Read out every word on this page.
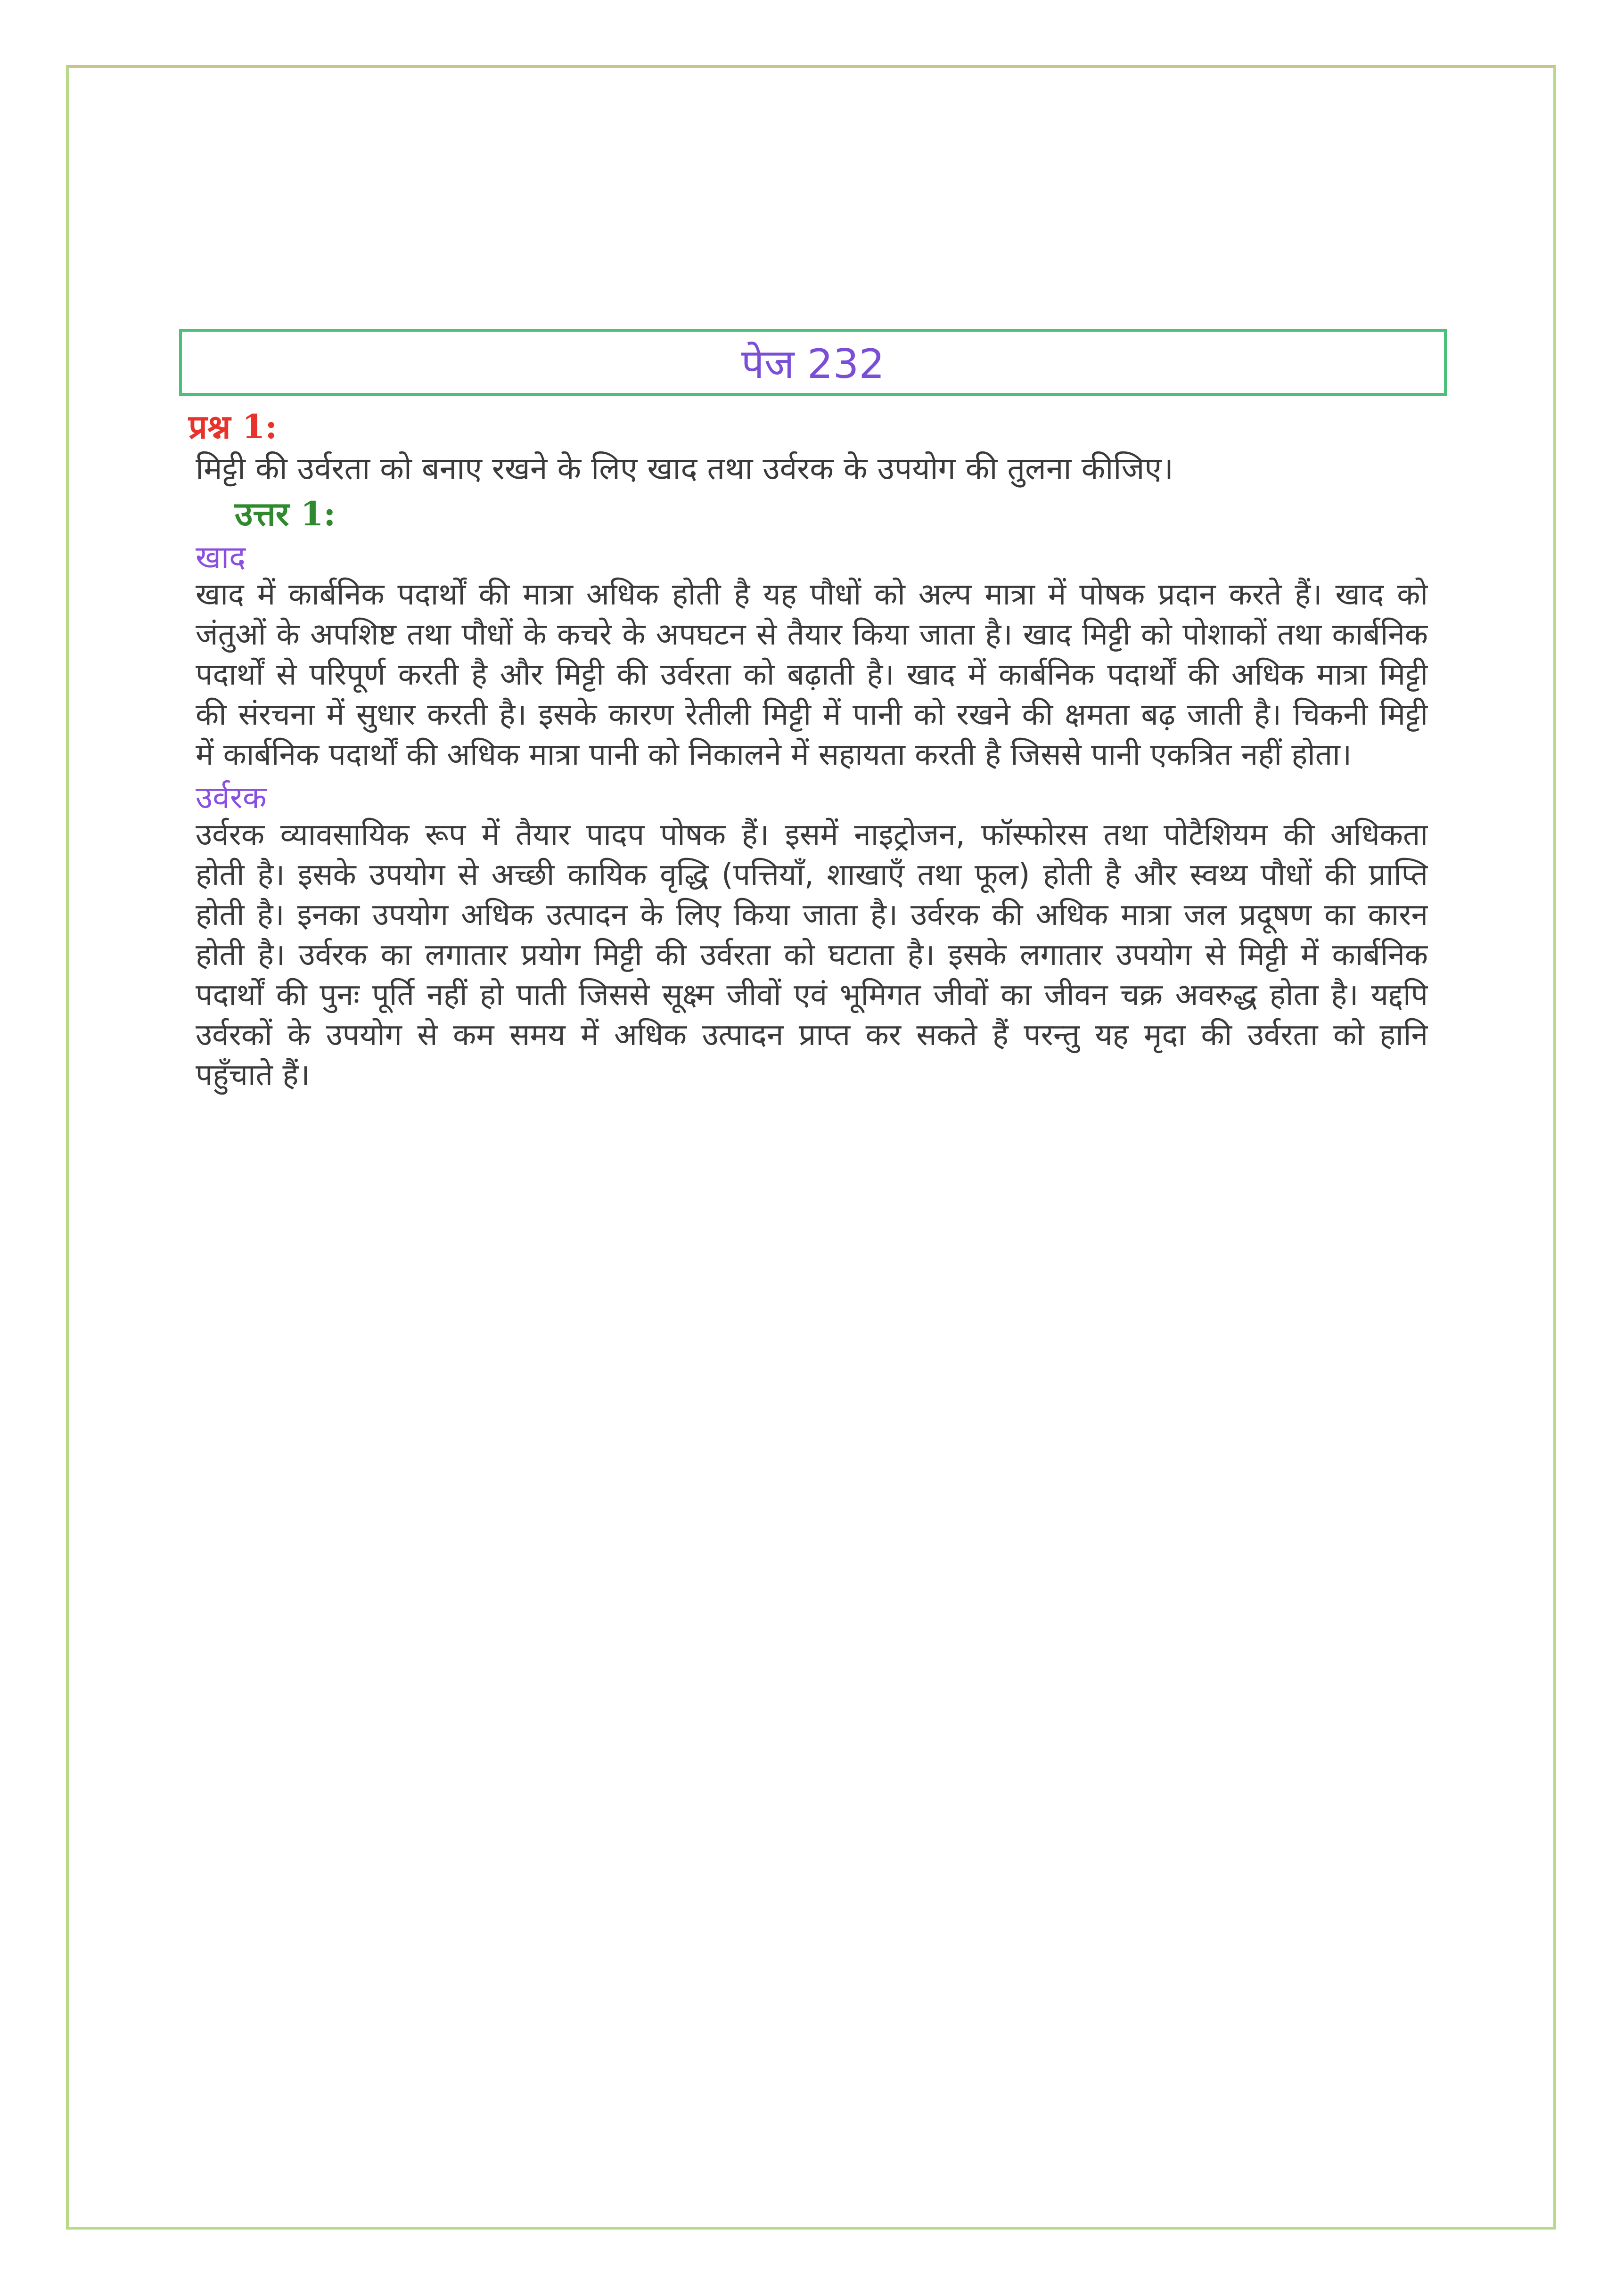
पेज 232
प्रश्न 1:
मिट्टी की उर्वरता को बनाए रखने के लिए खाद तथा उर्वरक के उपयोग की तुलना कीजिए।
उत्तर 1:
खाद
खाद में कार्बनिक पदार्थों की मात्रा अधिक होती है यह पौधों को अल्प मात्रा में पोषक प्रदान करते हैं। खाद को
जंतुओं के अपशिष्ट तथा पौधों के कचरे के अपघटन से तैयार किया जाता है। खाद मिट्टी को पोशाकों तथा कार्बनिक
पदार्थों से परिपूर्ण करती है और मिट्टी की उर्वरता को बढ़ाती है। खाद में कार्बनिक पदार्थों की अधिक मात्रा मिट्टी
की संरचना में सुधार करती है। इसके कारण रेतीली मिट्टी में पानी को रखने की क्षमता बढ़ जाती है। चिकनी मिट्टी
में कार्बनिक पदार्थों की अधिक मात्रा पानी को निकालने में सहायता करती है जिससे पानी एकत्रित नहीं होता।
उर्वरक
उर्वरक व्यावसायिक रूप में तैयार पादप पोषक हैं। इसमें नाइट्रोजन, फॉस्फोरस तथा पोटैशियम की अधिकता
होती है। इसके उपयोग से अच्छी कायिक वृद्धि (पत्तियाँ, शाखाएँ तथा फूल) होती है और स्वथ्य पौधों की प्राप्ति
होती है। इनका उपयोग अधिक उत्पादन के लिए किया जाता है। उर्वरक की अधिक मात्रा जल प्रदूषण का कारन
होती है। उर्वरक का लगातार प्रयोग मिट्टी की उर्वरता को घटाता है। इसके लगातार उपयोग से मिट्टी में कार्बनिक
पदार्थों की पुनः पूर्ति नहीं हो पाती जिससे सूक्ष्म जीवों एवं भूमिगत जीवों का जीवन चक्र अवरुद्ध होता है। यद्दपि
उर्वरकों के उपयोग से कम समय में अधिक उत्पादन प्राप्त कर सकते हैं परन्तु यह मृदा की उर्वरता को हानि
पहुँचाते हैं।
